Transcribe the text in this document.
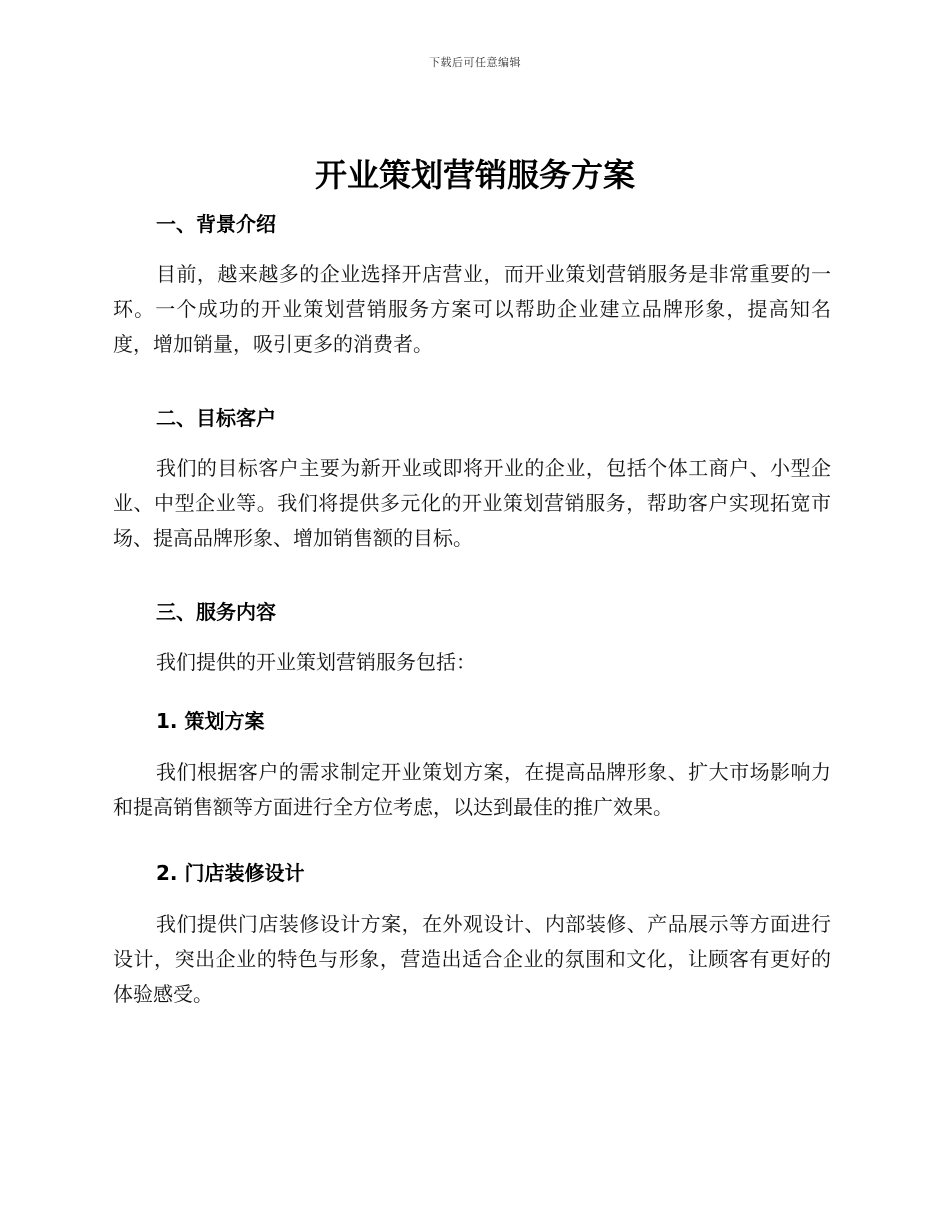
下载后可任意编辑
开业策划营销服务方案
一、背景介绍

目前，越来越多的企业选择开店营业，而开业策划营销服务是非常重要的一环。一个成功的开业策划营销服务方案可以帮助企业建立品牌形象，提高知名度，增加销量，吸引更多的消费者。

二、目标客户

我们的目标客户主要为新开业或即将开业的企业，包括个体工商户、小型企业、中型企业等。我们将提供多元化的开业策划营销服务，帮助客户实现拓宽市场、提高品牌形象、增加销售额的目标。

三、服务内容

我们提供的开业策划营销服务包括：

1. 策划方案

我们根据客户的需求制定开业策划方案，在提高品牌形象、扩大市场影响力和提高销售额等方面进行全方位考虑，以达到最佳的推广效果。

2. 门店装修设计

我们提供门店装修设计方案，在外观设计、内部装修、产品展示等方面进行设计，突出企业的特色与形象，营造出适合企业的氛围和文化，让顾客有更好的体验感受。
